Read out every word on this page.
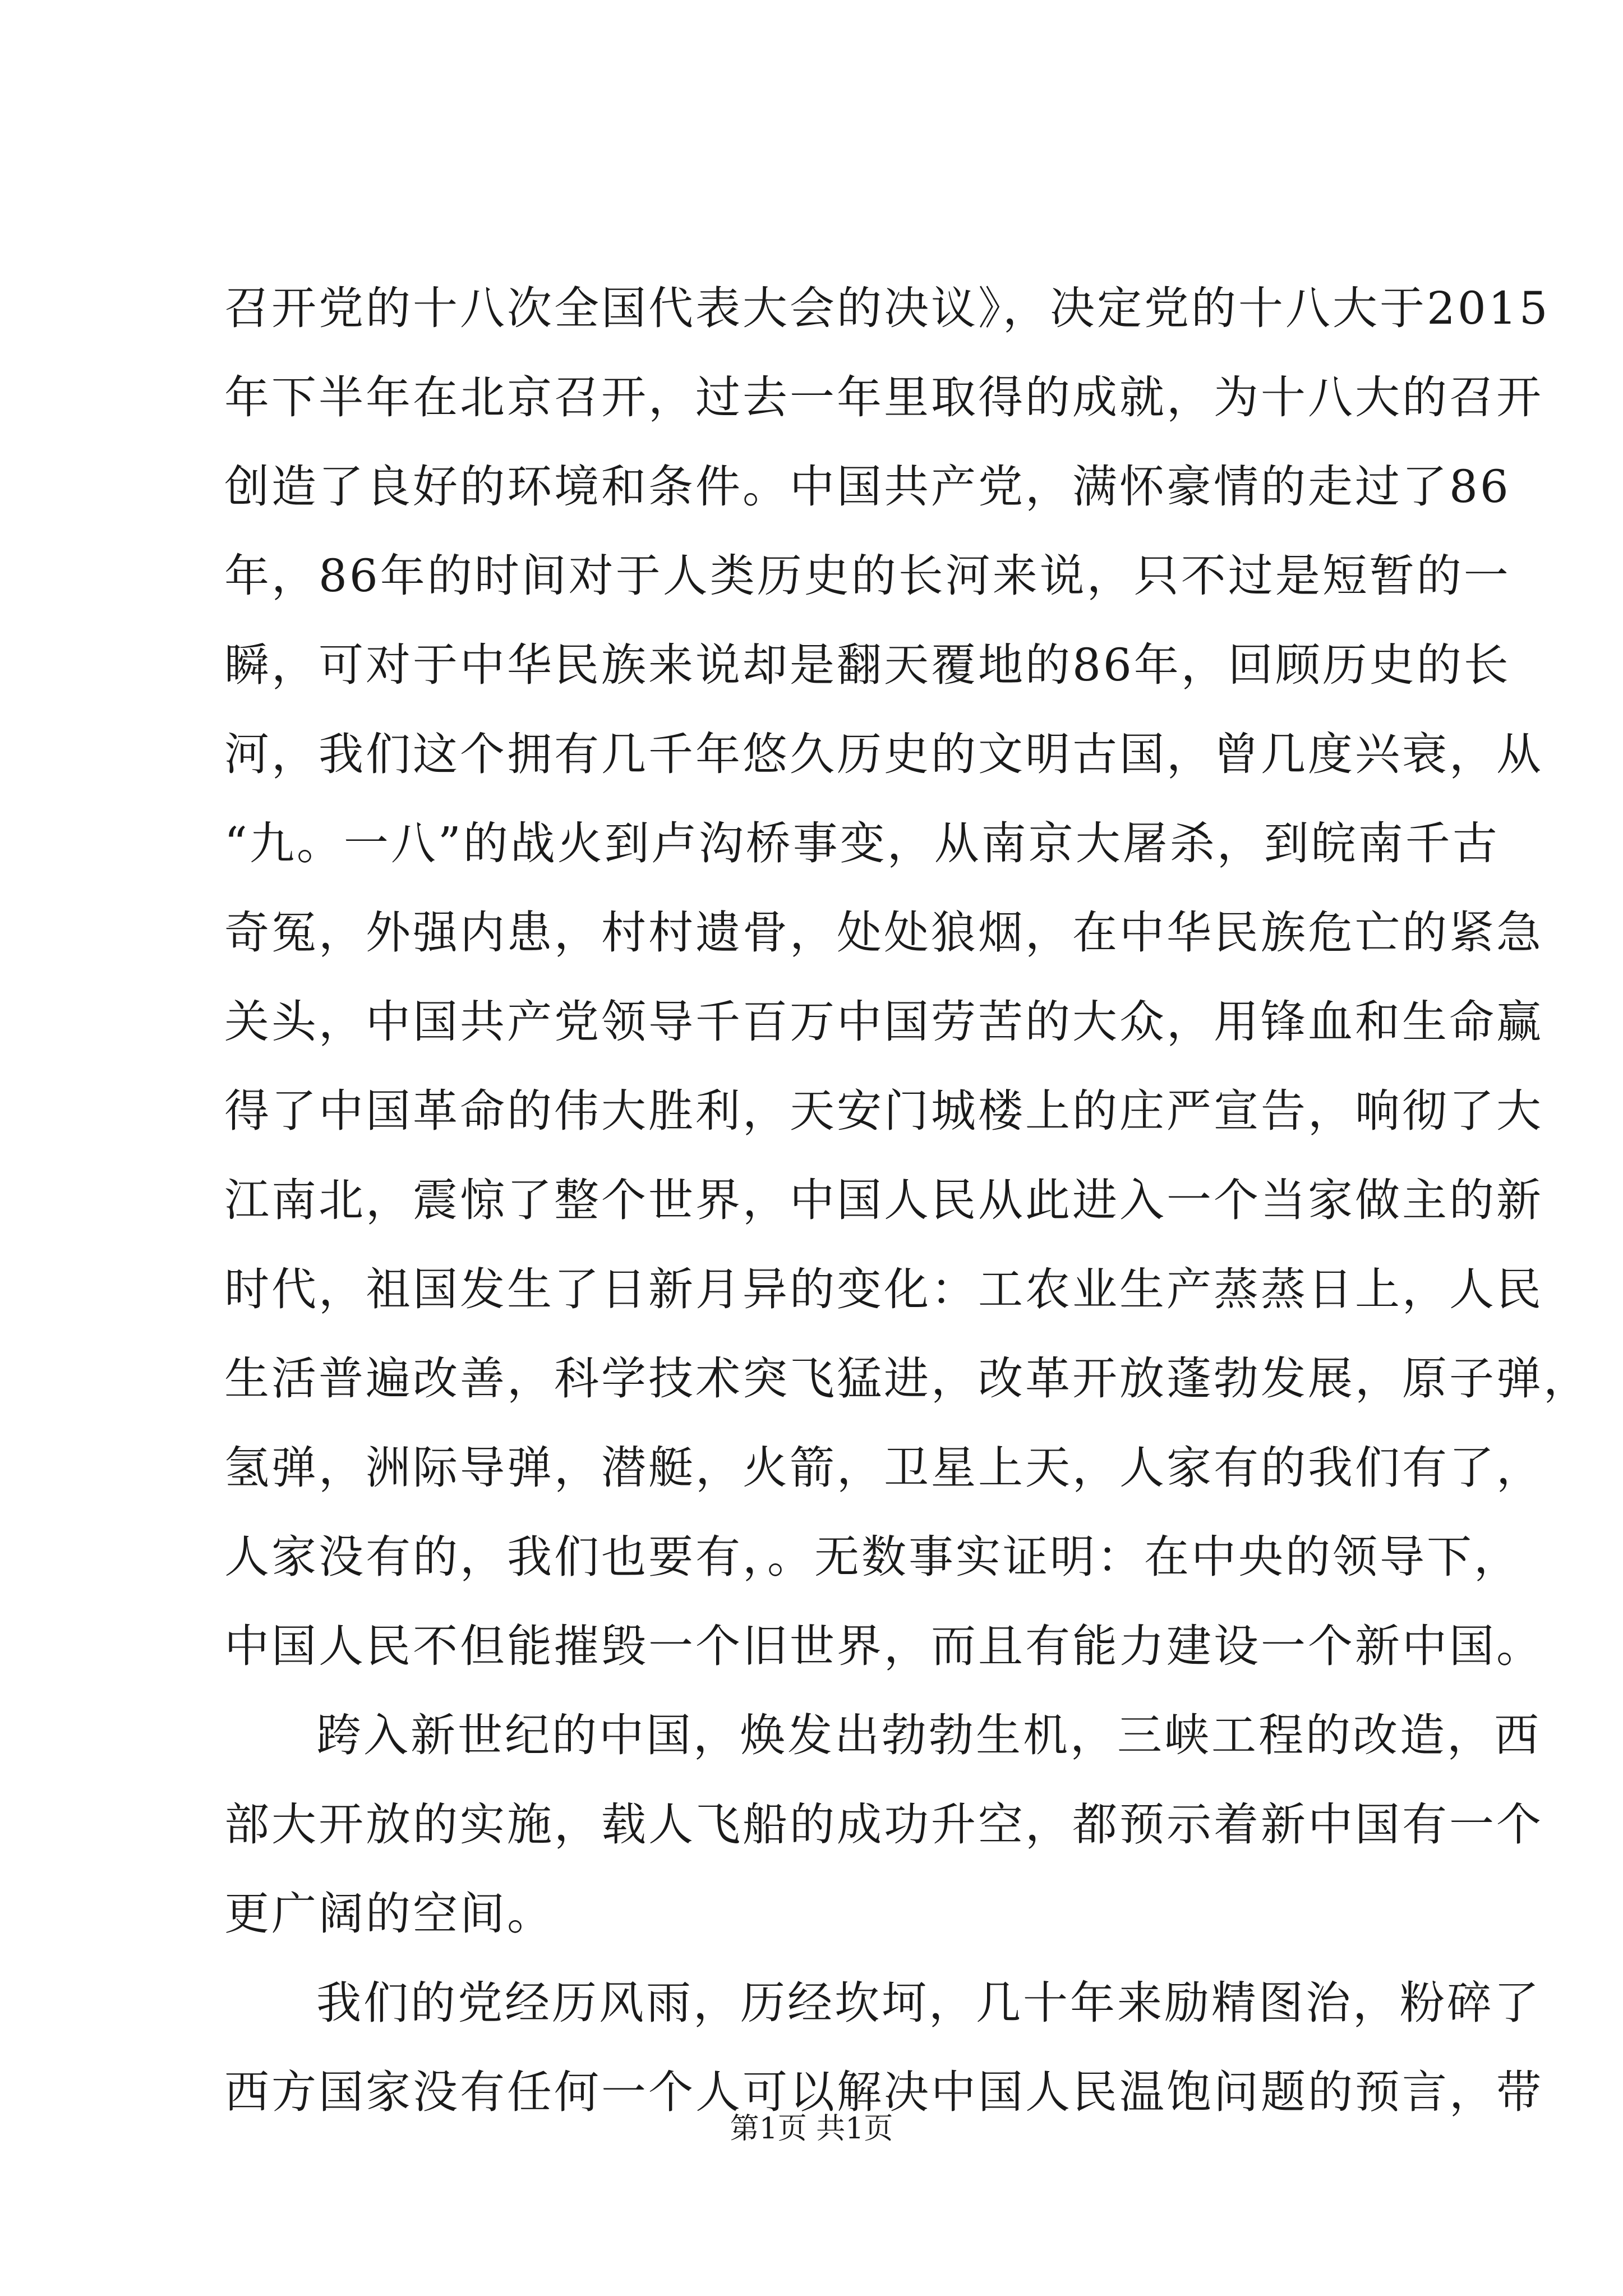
召开党的十八次全国代表大会的决议》，决定党的十八大于2015
年下半年在北京召开，过去一年里取得的成就，为十八大的召开
创造了良好的环境和条件。中国共产党，满怀豪情的走过了86
年，86年的时间对于人类历史的长河来说，只不过是短暂的一
瞬，可对于中华民族来说却是翻天覆地的86年，回顾历史的长
河，我们这个拥有几千年悠久历史的文明古国，曾几度兴衰，从
“九。一八”的战火到卢沟桥事变，从南京大屠杀，到皖南千古
奇冤，外强内患，村村遗骨，处处狼烟，在中华民族危亡的紧急
关头，中国共产党领导千百万中国劳苦的大众，用锋血和生命赢
得了中国革命的伟大胜利，天安门城楼上的庄严宣告，响彻了大
江南北，震惊了整个世界，中国人民从此进入一个当家做主的新
时代，祖国发生了日新月异的变化：工农业生产蒸蒸日上，人民
生活普遍改善，科学技术突飞猛进，改革开放蓬勃发展，原子弹，
氢弹，洲际导弹，潜艇，火箭，卫星上天，人家有的我们有了，
人家没有的，我们也要有，。无数事实证明：在中央的领导下，
中国人民不但能摧毁一个旧世界，而且有能力建设一个新中国。
跨入新世纪的中国，焕发出勃勃生机，三峡工程的改造，西
部大开放的实施，载人飞船的成功升空，都预示着新中国有一个
更广阔的空间。
我们的党经历风雨，历经坎坷，几十年来励精图治，粉碎了
西方国家没有任何一个人可以解决中国人民温饱问题的预言，带
第1页 共1页
